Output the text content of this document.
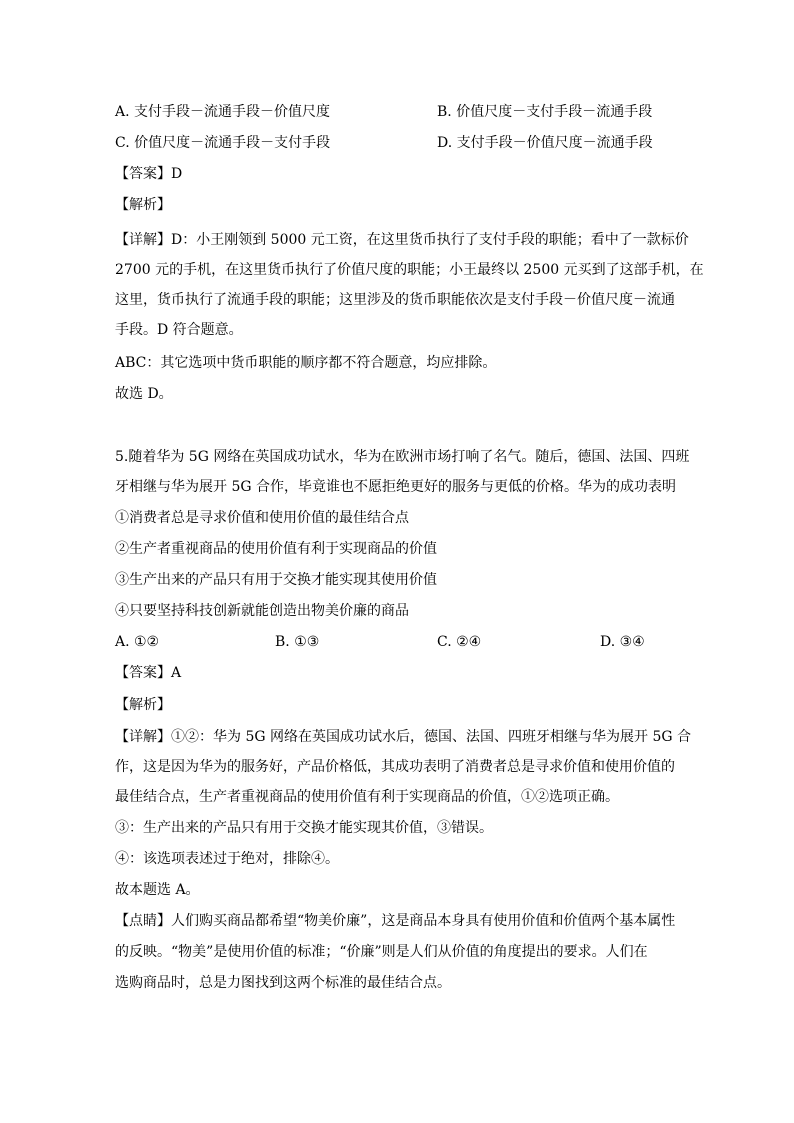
A. 支付手段－流通手段－价值尺度	B. 价值尺度－支付手段－流通手段
C. 价值尺度－流通手段－支付手段	D. 支付手段－价值尺度－流通手段
【答案】D
【解析】
【详解】D：小王刚领到 5000 元工资，在这里货币执行了支付手段的职能；看中了一款标价
2700 元的手机，在这里货币执行了价值尺度的职能；小王最终以 2500 元买到了这部手机，在
这里，货币执行了流通手段的职能；这里涉及的货币职能依次是支付手段－价值尺度－流通
手段。D 符合题意。
ABC：其它选项中货币职能的顺序都不符合题意，均应排除。
故选 D。
5.随着华为 5G 网络在英国成功试水，华为在欧洲市场打响了名气。随后，德国、法国、四班
牙相继与华为展开 5G 合作，毕竟谁也不愿拒绝更好的服务与更低的价格。华为的成功表明
①消费者总是寻求价值和使用价值的最佳结合点
②生产者重视商品的使用价值有利于实现商品的价值
③生产出来的产品只有用于交换才能实现其使用价值
④只要坚持科技创新就能创造出物美价廉的商品
A. ①②	B. ①③	C. ②④	D. ③④
【答案】A
【解析】
【详解】①②：华为 5G 网络在英国成功试水后，德国、法国、四班牙相继与华为展开 5G 合
作，这是因为华为的服务好，产品价格低，其成功表明了消费者总是寻求价值和使用价值的
最佳结合点，生产者重视商品的使用价值有利于实现商品的价值，①②选项正确。
③：生产出来的产品只有用于交换才能实现其价值，③错误。
④：该选项表述过于绝对，排除④。
故本题选 A。
【点睛】人们购买商品都希望“物美价廉”，这是商品本身具有使用价值和价值两个基本属性
的反映。“物美”是使用价值的标准；“价廉”则是人们从价值的角度提出的要求。人们在
选购商品时，总是力图找到这两个标准的最佳结合点。
